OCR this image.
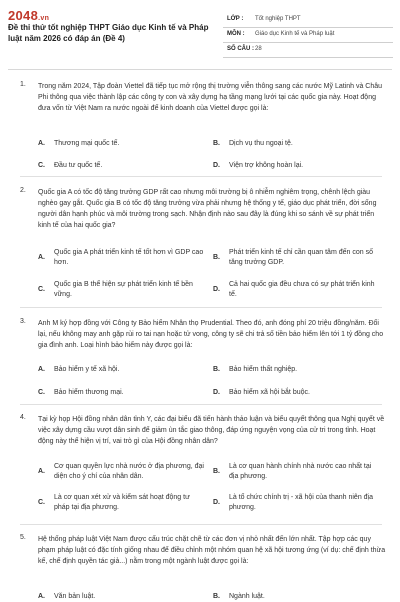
2048.vn
Đề thi thử tốt nghiệp THPT Giáo dục Kinh tế và Pháp luật năm 2026 có đáp án (Đề 4)
LỚP : Tốt nghiệp THPT
MÔN : Giáo dục Kinh tế và Pháp luật
SỐ CÂU : 28
1. Trong năm 2024, Tập đoàn Viettel đã tiếp tục mở rộng thị trường viễn thông sang các nước Mỹ Latinh và Châu Phi thông qua việc thành lập các công ty con và xây dựng hạ tầng mạng lưới tại các quốc gia này. Hoạt động đưa vốn từ Việt Nam ra nước ngoài để kinh doanh của Viettel được gọi là:
A. Thương mại quốc tế.	B. Dịch vụ thu ngoại tệ.
C. Đầu tư quốc tế.	D. Viện trợ không hoàn lại.
2. Quốc gia A có tốc độ tăng trưởng GDP rất cao nhưng môi trường bị ô nhiễm nghiêm trọng, chênh lệch giàu nghèo gay gắt. Quốc gia B có tốc độ tăng trưởng vừa phải nhưng hệ thống y tế, giáo dục phát triển, đời sống người dân hạnh phúc và môi trường trong sạch. Nhận định nào sau đây là đúng khi so sánh về sự phát triển kinh tế của hai quốc gia?
A.
Quốc gia A phát triển kinh tế tốt hơn vì GDP cao hơn.
B.
Phát triển kinh tế chỉ cần quan tâm đến con số tăng trưởng GDP.
C.
Quốc gia B thể hiện sự phát triển kinh tế bền vững.
D.
Cả hai quốc gia đều chưa có sự phát triển kinh tế.
3. Anh M ký hợp đồng với Công ty Bảo hiểm Nhân thọ Prudential. Theo đó, anh đóng phí 20 triệu đồng/năm. Đổi lại, nếu không may anh gặp rủi ro tai nạn hoặc tử vong, công ty sẽ chi trả số tiền bảo hiểm lên tới 1 tỷ đồng cho gia đình anh. Loại hình bảo hiểm này được gọi là:
A. Bảo hiểm y tế xã hội.	B. Bảo hiểm thất nghiệp.
C. Bảo hiểm thương mại.	D. Bảo hiểm xã hội bắt buộc.
4. Tại kỳ họp Hội đồng nhân dân tỉnh Y, các đại biểu đã tiến hành thảo luận và biểu quyết thông qua Nghị quyết về việc xây dựng cầu vượt dân sinh để giảm ùn tắc giao thông, đáp ứng nguyện vọng của cử tri trong tỉnh. Hoạt động này thể hiện vị trí, vai trò gì của Hội đồng nhân dân?
A.
Cơ quan quyền lực nhà nước ở địa phương, đại diện cho ý chí của nhân dân.
B.
Là cơ quan hành chính nhà nước cao nhất tại địa phương.
C.
Là cơ quan xét xử và kiểm sát hoạt động tư pháp tại địa phương.
D.
Là tổ chức chính trị - xã hội của thanh niên địa phương.
5. Hệ thống pháp luật Việt Nam được cấu trúc chặt chẽ từ các đơn vị nhỏ nhất đến lớn nhất. Tập hợp các quy phạm pháp luật có đặc tính giống nhau để điều chỉnh một nhóm quan hệ xã hội tương ứng (ví dụ: chế định thừa kế, chế định quyền tác giả...) nằm trong một ngành luật được gọi là:
A. Văn bản luật.	B. Ngành luật.
